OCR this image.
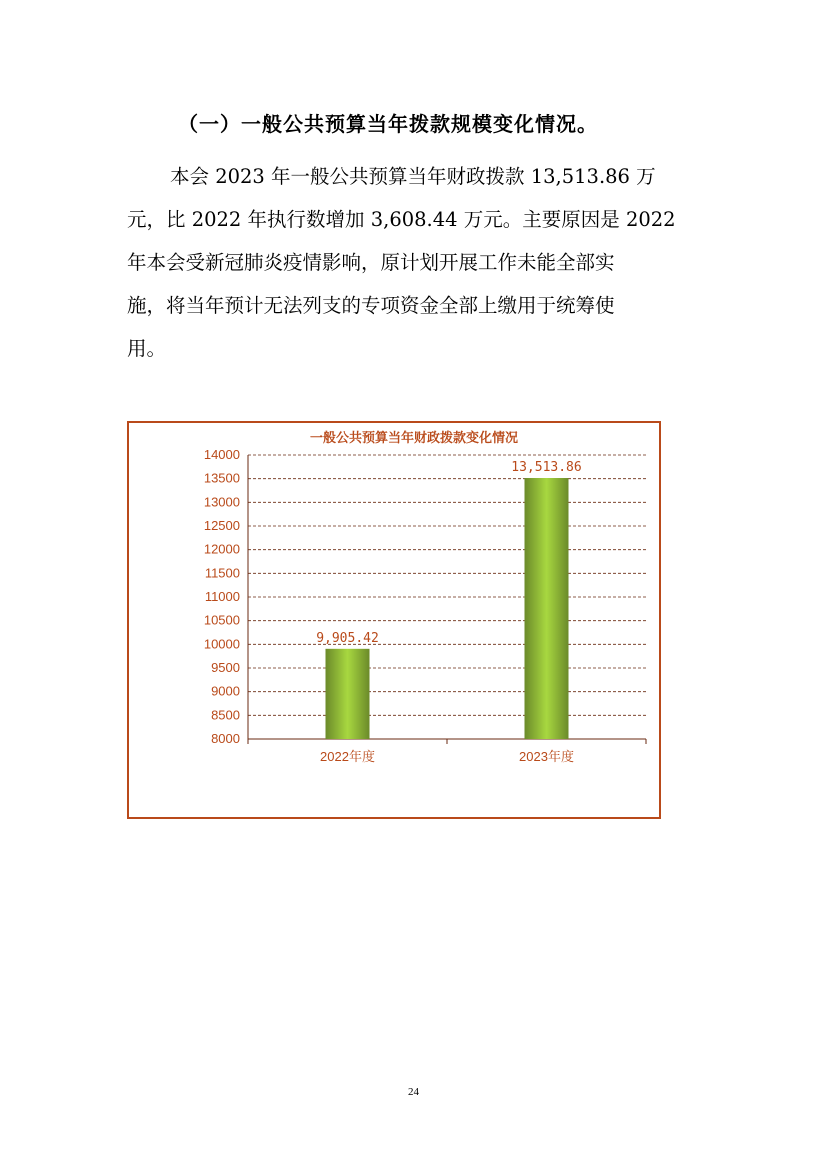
（一）一般公共预算当年拨款规模变化情况。
本会 2023 年一般公共预算当年财政拨款 13,513.86 万
元，比 2022 年执行数增加 3,608.44 万元。主要原因是 2022
年本会受新冠肺炎疫情影响，原计划开展工作未能全部实
施，将当年预计无法列支的专项资金全部上缴用于统筹使
用。
一般公共预算当年财政拨款变化情况
8000
8500
9000
9500
10000
10500
11000
11500
12000
12500
13000
13500
14000
9,905.42
13,513.86
2022年度	2023年度
24
